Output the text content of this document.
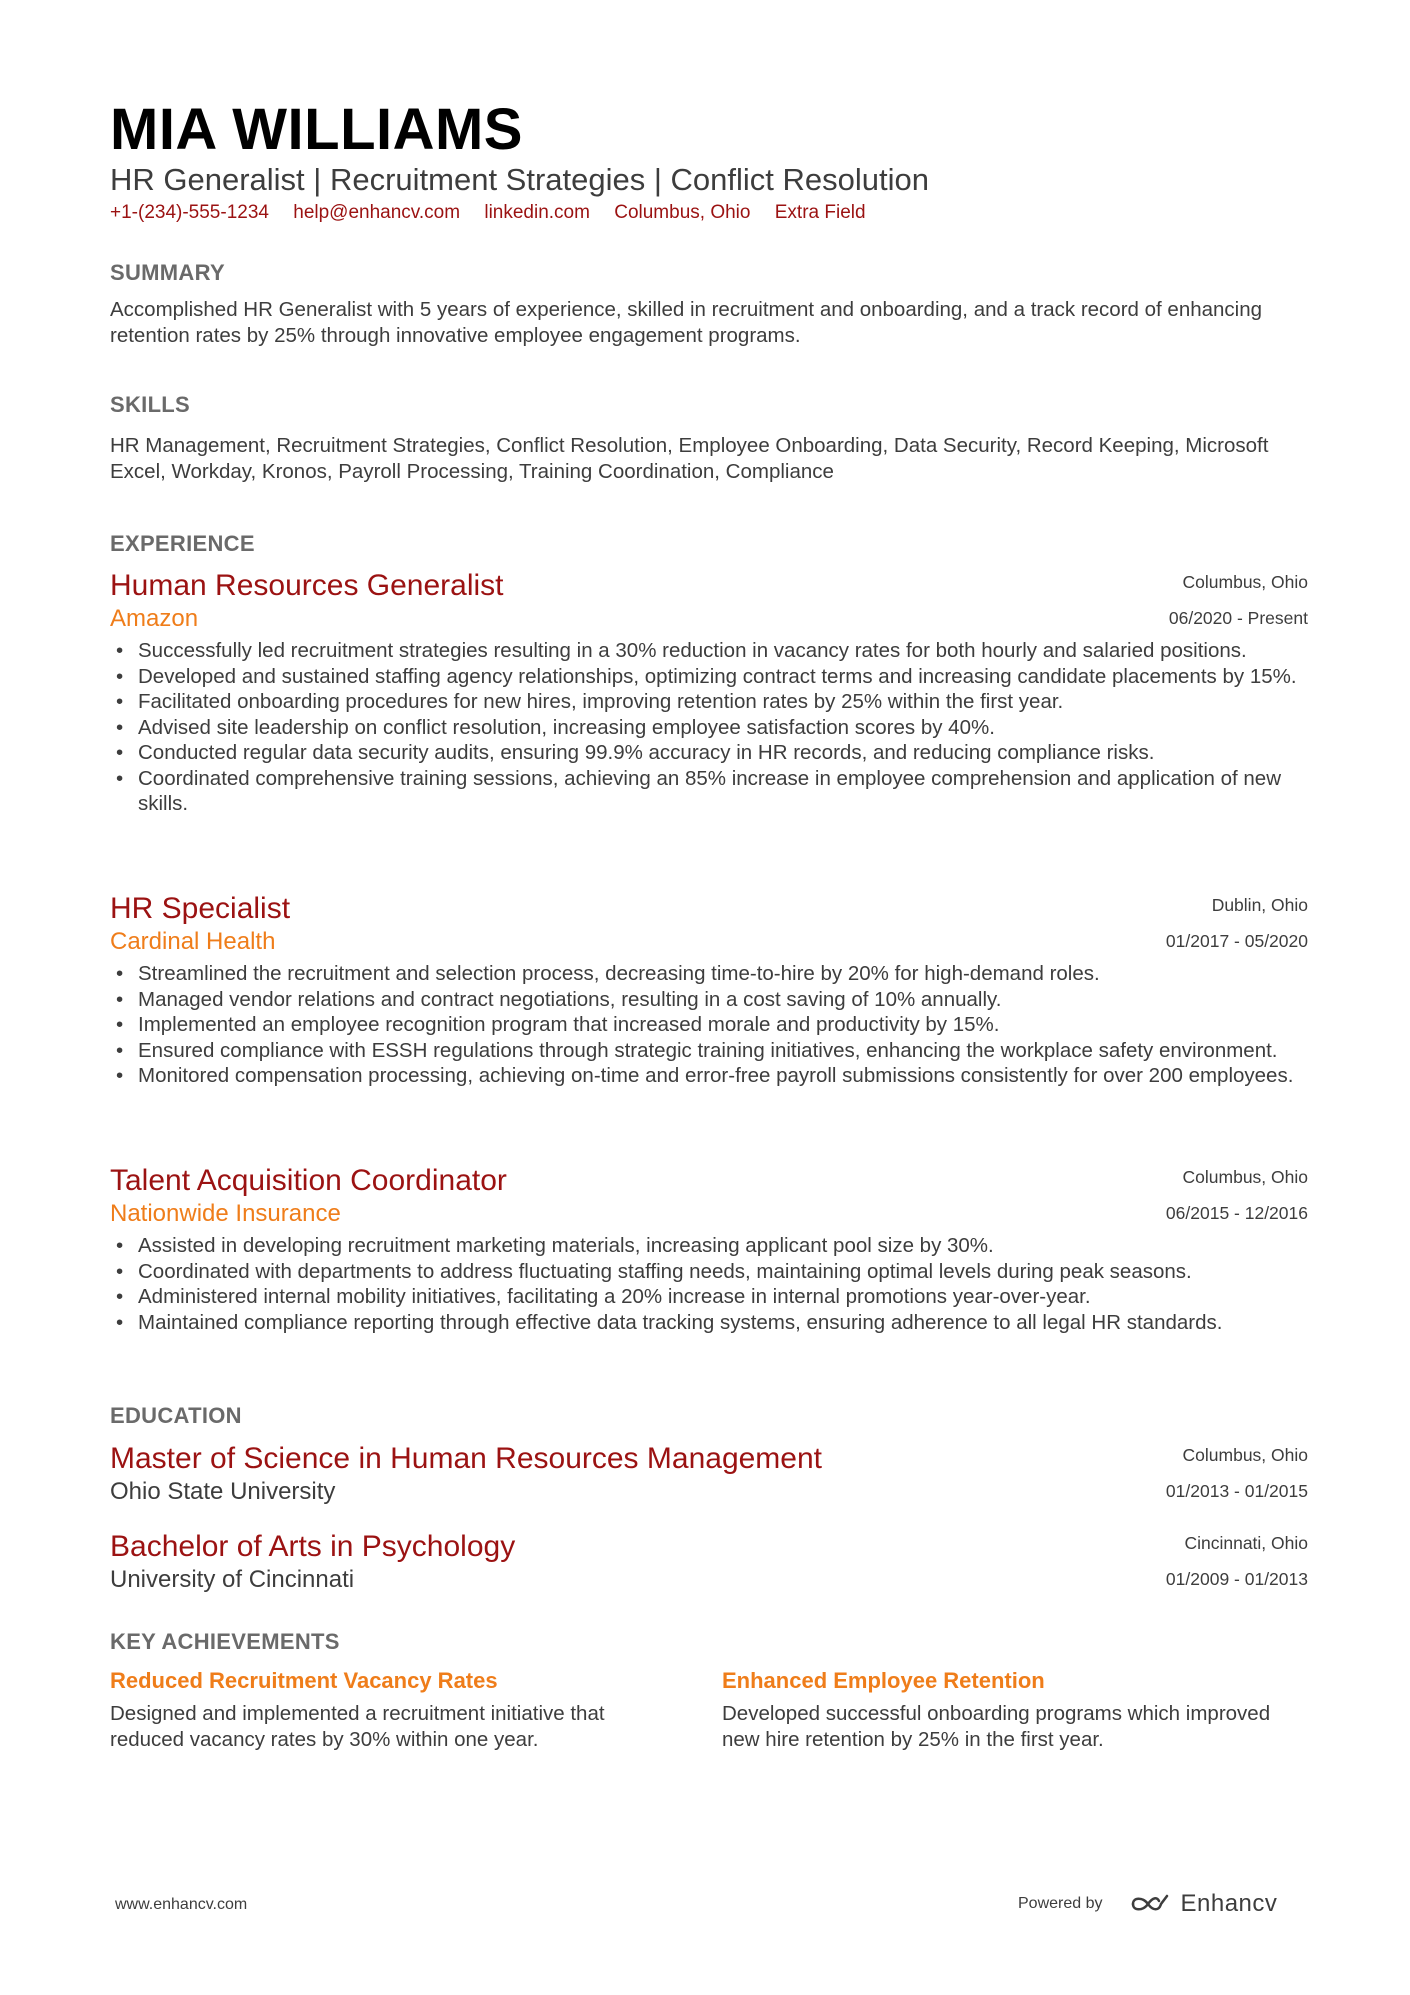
MIA WILLIAMS
HR Generalist | Recruitment Strategies | Conflict Resolution
+1-(234)-555-1234 help@enhancv.com linkedin.com Columbus, Ohio Extra Field
SUMMARY
Accomplished HR Generalist with 5 years of experience, skilled in recruitment and onboarding, and a track record of enhancing retention rates by 25% through innovative employee engagement programs.
SKILLS
HR Management, Recruitment Strategies, Conflict Resolution, Employee Onboarding, Data Security, Record Keeping, Microsoft Excel, Workday, Kronos, Payroll Processing, Training Coordination, Compliance
EXPERIENCE
Human Resources Generalist
Amazon
Columbus, Ohio
06/2020 - Present
• Successfully led recruitment strategies resulting in a 30% reduction in vacancy rates for both hourly and salaried positions.
• Developed and sustained staffing agency relationships, optimizing contract terms and increasing candidate placements by 15%.
• Facilitated onboarding procedures for new hires, improving retention rates by 25% within the first year.
• Advised site leadership on conflict resolution, increasing employee satisfaction scores by 40%.
• Conducted regular data security audits, ensuring 99.9% accuracy in HR records, and reducing compliance risks.
• Coordinated comprehensive training sessions, achieving an 85% increase in employee comprehension and application of new skills.
HR Specialist
Cardinal Health
Dublin, Ohio
01/2017 - 05/2020
• Streamlined the recruitment and selection process, decreasing time-to-hire by 20% for high-demand roles.
• Managed vendor relations and contract negotiations, resulting in a cost saving of 10% annually.
• Implemented an employee recognition program that increased morale and productivity by 15%.
• Ensured compliance with ESSH regulations through strategic training initiatives, enhancing the workplace safety environment.
• Monitored compensation processing, achieving on-time and error-free payroll submissions consistently for over 200 employees.
Talent Acquisition Coordinator
Nationwide Insurance
Columbus, Ohio
06/2015 - 12/2016
• Assisted in developing recruitment marketing materials, increasing applicant pool size by 30%.
• Coordinated with departments to address fluctuating staffing needs, maintaining optimal levels during peak seasons.
• Administered internal mobility initiatives, facilitating a 20% increase in internal promotions year-over-year.
• Maintained compliance reporting through effective data tracking systems, ensuring adherence to all legal HR standards.
EDUCATION
Master of Science in Human Resources Management
Ohio State University
Columbus, Ohio
01/2013 - 01/2015
Bachelor of Arts in Psychology
University of Cincinnati
Cincinnati, Ohio
01/2009 - 01/2013
KEY ACHIEVEMENTS
Reduced Recruitment Vacancy Rates
Designed and implemented a recruitment initiative that reduced vacancy rates by 30% within one year.
Enhanced Employee Retention
Developed successful onboarding programs which improved new hire retention by 25% in the first year.
www.enhancv.com	Powered by	Enhancv
